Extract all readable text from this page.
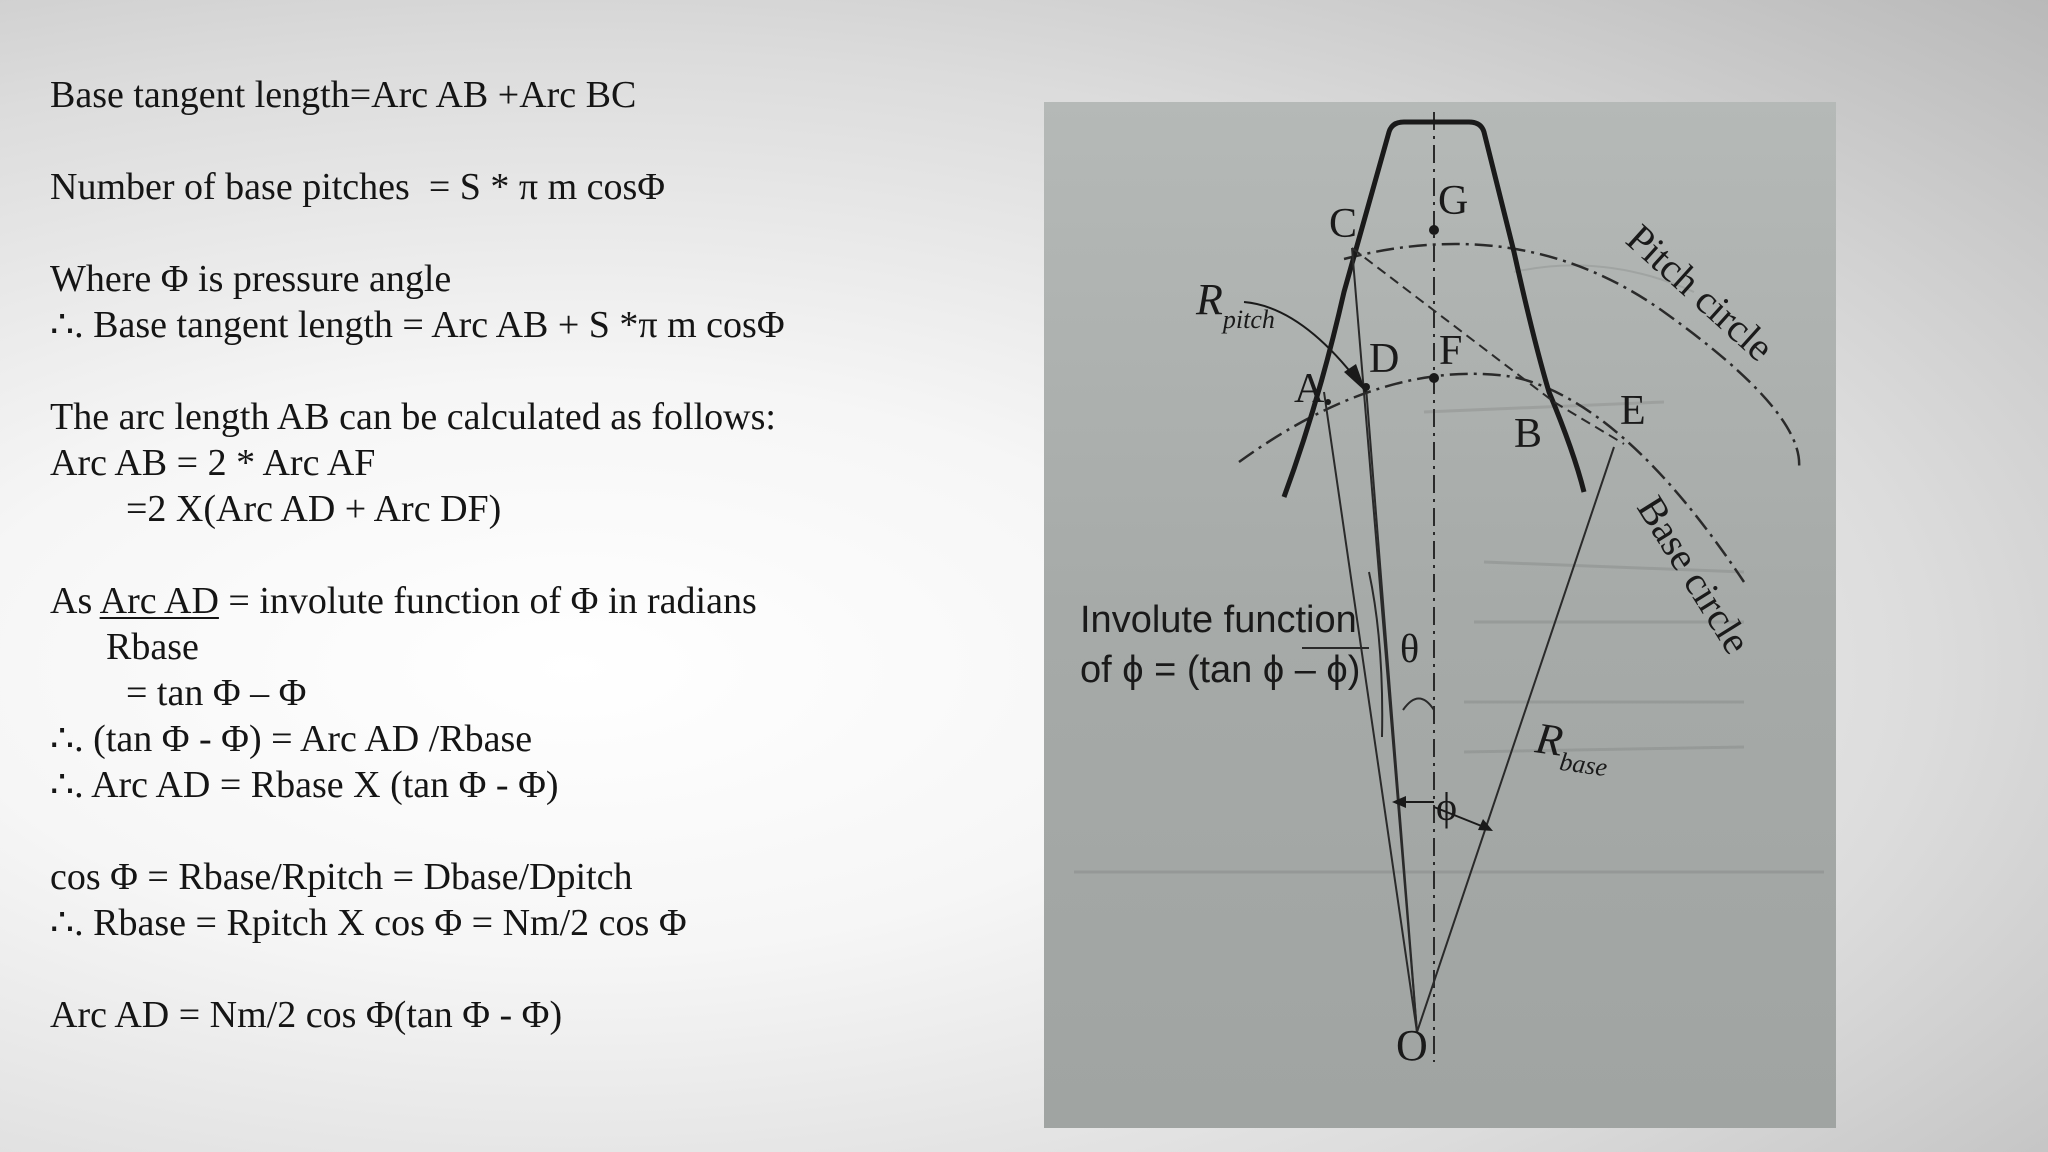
Base tangent length=Arc AB +Arc BC
Number of base pitches  = S * π m cosΦ
Where Φ is pressure angle
∴. Base tangent length = Arc AB + S *π m cosΦ
The arc length AB can be calculated as follows:
Arc AB = 2 * Arc AF
=2 X(Arc AD + Arc DF)
As Arc AD = involute function of Φ in radians
Rbase
= tan Φ – Φ
∴. (tan Φ - Φ) = Arc AD /Rbase
∴. Arc AD = Rbase X (tan Φ - Φ)
cos Φ = Rbase/Rpitch = Dbase/Dpitch
∴. Rbase = Rpitch X cos Φ = Nm/2 cos Φ
Arc AD = Nm/2 cos Φ(tan Φ - Φ)
C G
A
D F
B E
O
$R_{pitch}$
$R_{base}$
Pitch circle
Base circle
Involute function
of ϕ = (tan ϕ – ϕ) θ
ϕ
